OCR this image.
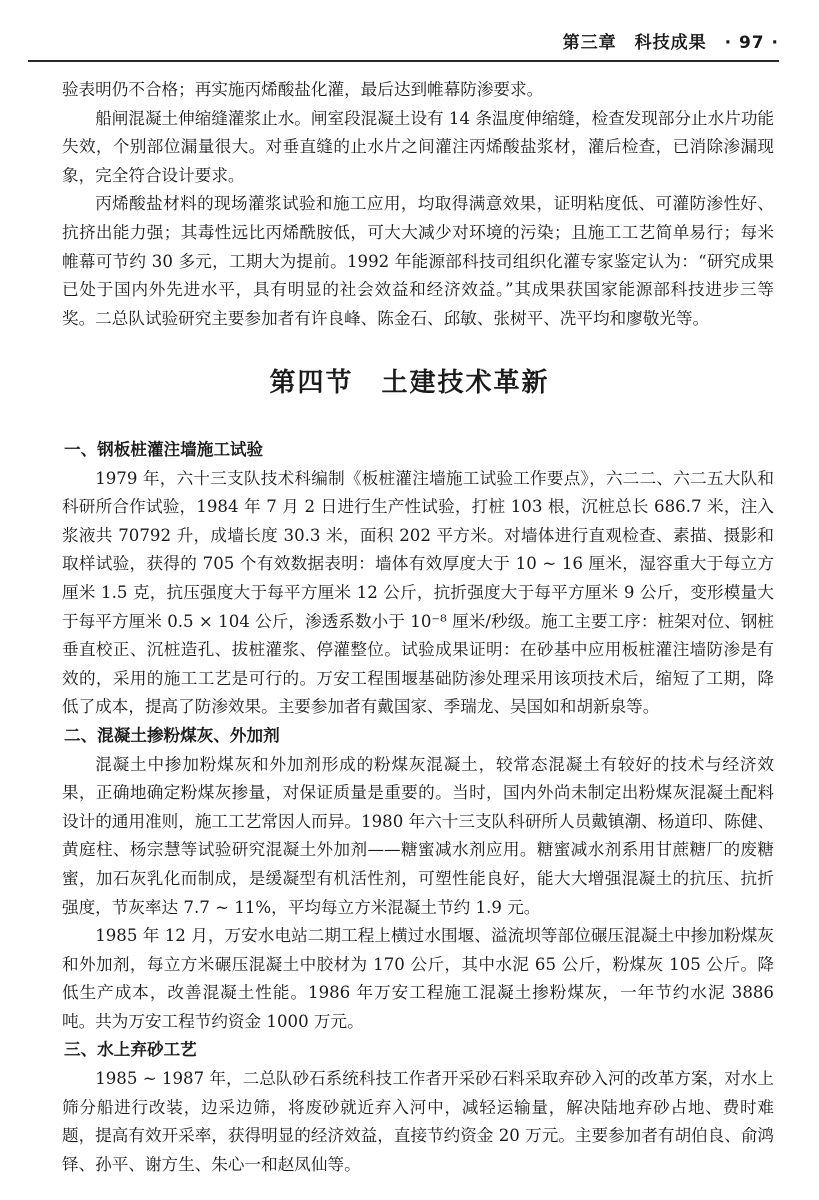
第三章　科技成果　· 97 ·

验表明仍不合格；再实施丙烯酸盐化灌，最后达到帷幕防渗要求。

船闸混凝土伸缩缝灌浆止水。闸室段混凝土设有 14 条温度伸缩缝，检查发现部分止水片功能失效，个别部位漏量很大。对垂直缝的止水片之间灌注丙烯酸盐浆材，灌后检查，已消除渗漏现象，完全符合设计要求。

丙烯酸盐材料的现场灌浆试验和施工应用，均取得满意效果，证明粘度低、可灌防渗性好、抗挤出能力强；其毒性远比丙烯酰胺低，可大大减少对环境的污染；且施工工艺简单易行；每米帷幕可节约 30 多元，工期大为提前。1992 年能源部科技司组织化灌专家鉴定认为：“研究成果已处于国内外先进水平，具有明显的社会效益和经济效益。”其成果获国家能源部科技进步三等奖。二总队试验研究主要参加者有许良峰、陈金石、邱敏、张树平、冼平均和廖敬光等。

第四节 土建技术革新
一、钢板桩灌注墙施工试验

1979 年，六十三支队技术科编制《板桩灌注墙施工试验工作要点》，六二二、六二五大队和科研所合作试验，1984 年 7 月 2 日进行生产性试验，打桩 103 根，沉桩总长 686.7 米，注入浆液共 70792 升，成墙长度 30.3 米，面积 202 平方米。对墙体进行直观检查、素描、摄影和取样试验，获得的 705 个有效数据表明：墙体有效厚度大于 10 ~ 16 厘米，湿容重大于每立方厘米 1.5 克，抗压强度大于每平方厘米 12 公斤，抗折强度大于每平方厘米 9 公斤，变形模量大于每平方厘米 0.5 × 104 公斤，渗透系数小于 10⁻⁸ 厘米/秒级。施工主要工序：桩架对位、钢桩垂直校正、沉桩造孔、拔桩灌浆、停灌整位。试验成果证明：在砂基中应用板桩灌注墙防渗是有效的，采用的施工工艺是可行的。万安工程围堰基础防渗处理采用该项技术后，缩短了工期，降低了成本，提高了防渗效果。主要参加者有戴国家、季瑞龙、吴国如和胡新泉等。

二、混凝土掺粉煤灰、外加剂

混凝土中掺加粉煤灰和外加剂形成的粉煤灰混凝土，较常态混凝土有较好的技术与经济效果，正确地确定粉煤灰掺量，对保证质量是重要的。当时，国内外尚未制定出粉煤灰混凝土配料设计的通用准则，施工工艺常因人而异。1980 年六十三支队科研所人员戴镇潮、杨道印、陈健、黄庭柱、杨宗慧等试验研究混凝土外加剂——糖蜜减水剂应用。糖蜜减水剂系用甘蔗糖厂的废糖蜜，加石灰乳化而制成，是缓凝型有机活性剂，可塑性能良好，能大大增强混凝土的抗压、抗折强度，节灰率达 7.7 ~ 11%，平均每立方米混凝土节约 1.9 元。

1985 年 12 月，万安水电站二期工程上横过水围堰、溢流坝等部位碾压混凝土中掺加粉煤灰和外加剂，每立方米碾压混凝土中胶材为 170 公斤，其中水泥 65 公斤，粉煤灰 105 公斤。降低生产成本，改善混凝土性能。1986 年万安工程施工混凝土掺粉煤灰，一年节约水泥 3886 吨。共为万安工程节约资金 1000 万元。

三、水上弃砂工艺

1985 ~ 1987 年，二总队砂石系统科技工作者开采砂石料采取弃砂入河的改革方案，对水上筛分船进行改装，边采边筛，将废砂就近弃入河中，减轻运输量，解决陆地弃砂占地、费时难题，提高有效开采率，获得明显的经济效益，直接节约资金 20 万元。主要参加者有胡伯良、俞鸿铎、孙平、谢方生、朱心一和赵凤仙等。
